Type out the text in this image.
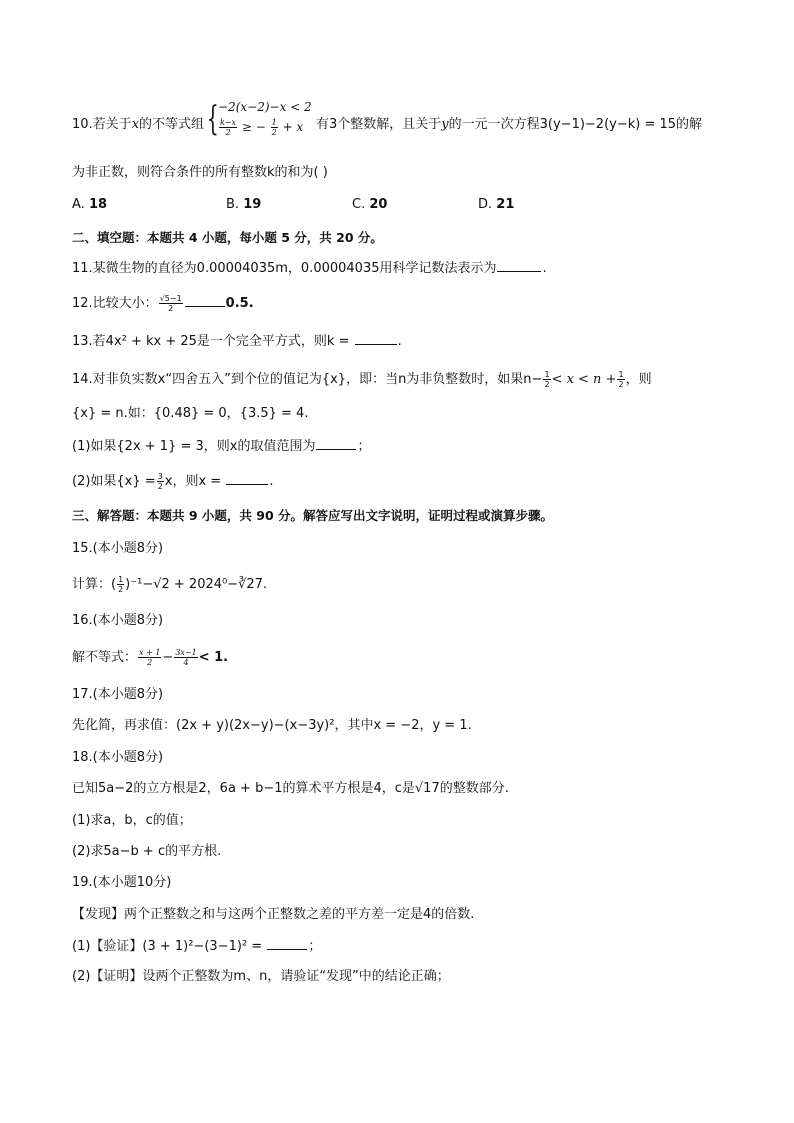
10.若关于x的不等式组 { −2(x−2)−x < 2
$\frac{k-x}{2}$ ≥ − $\frac{1}{2} + x$ 有3个整数解，且关于y的一元一次方程3(y−1)−2(y−k) = 15的解
为非正数，则符合条件的所有整数k的和为( )
A. 18	B. 19	C. 20	D. 21
二、填空题：本题共 4 小题，每小题 5 分，共 20 分。
11.某微生物的直径为0.00004035m，0.00004035用科学记数法表示为	.
12.比较大小： $\frac{√5-1}{2}$	0.5.
13.若4x² + kx + 25是一个完全平方式，则k =	.
14.对非负实数x“四舍五入”到个位的值记为{x}，即：当n为非负整数时，如果$n- \frac{1}{2} < x < n + \frac{1}{2}$ ，则
{x} = n.如：{0.48} = 0，{3.5} = 4.
(1)如果{2x + 1} = 3，则x的取值范围为	；
(2)如果$\{x\} = \frac{3}{2}$ x，则x =	.
三、解答题：本题共 9 小题，共 90 分。解答应写出文字说明，证明过程或演算步骤。
15.(本小题8分)
计算：( $\frac{1}{2} )^{-1}-√2$ + 2024⁰−∛27.
16.(本小题8分)
解不等式： $\frac{x + 1}{2} - \frac{3x-1}{4} < 1$.
17.(本小题8分)
先化简，再求值：(2x + y)(2x−y)−(x−3y)²，其中x = −2，y = 1.
18.(本小题8分)
已知5a−2的立方根是2，6a + b−1的算术平方根是4，c是√17的整数部分.
(1)求a，b，c的值；
(2)求5a−b + c的平方根.
19.(本小题10分)
【发现】两个正整数之和与这两个正整数之差的平方差一定是4的倍数.
(1)【验证】(3 + 1)²−(3−1)² =	；
(2)【证明】设两个正整数为m、n，请验证“发现”中的结论正确；
